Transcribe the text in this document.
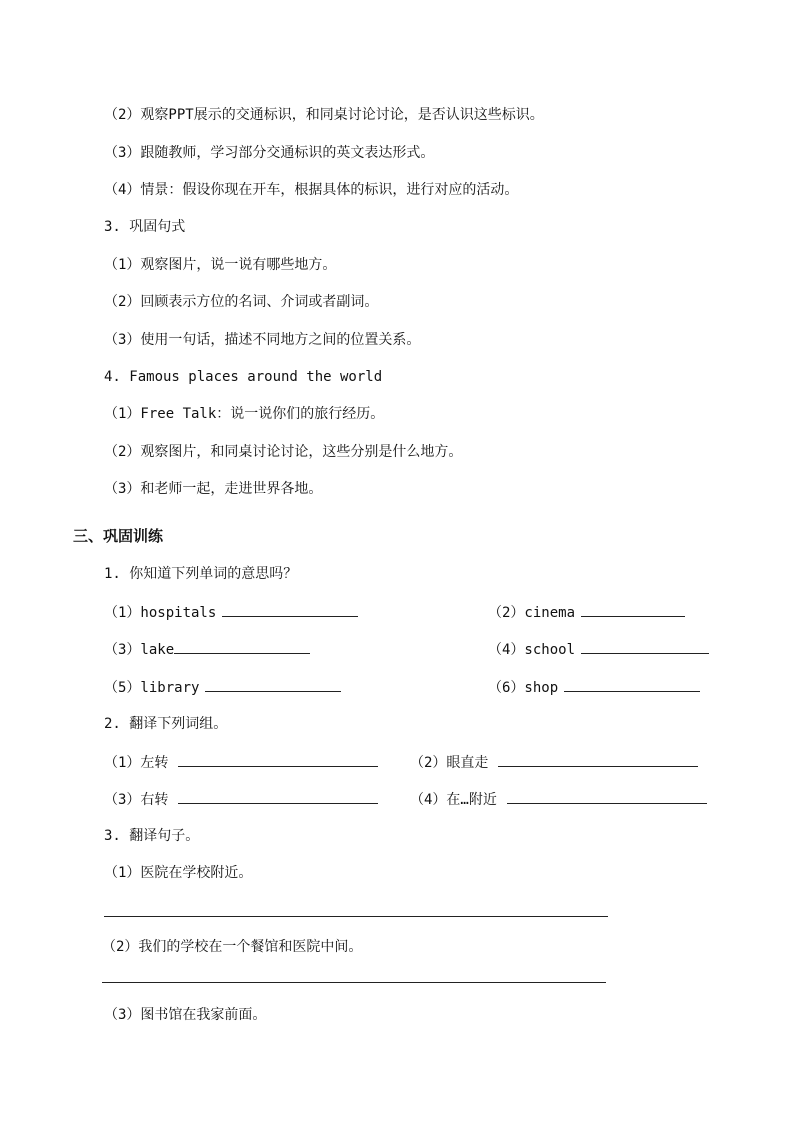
（2）观察PPT展示的交通标识，和同桌讨论讨论，是否认识这些标识。
（3）跟随教师，学习部分交通标识的英文表达形式。
（4）情景：假设你现在开车，根据具体的标识，进行对应的活动。
3. 巩固句式
（1）观察图片，说一说有哪些地方。
（2）回顾表示方位的名词、介词或者副词。
（3）使用一句话，描述不同地方之间的位置关系。
4. Famous places around the world
（1）Free Talk：说一说你们的旅行经历。
（2）观察图片，和同桌讨论讨论，这些分别是什么地方。
（3）和老师一起，走进世界各地。
三、巩固训练
1. 你知道下列单词的意思吗？
（1）hospitals	（2）cinema
（3）lake	（4）school
（5）library	（6）shop
2. 翻译下列词组。
（1）左转	（2）眼直走
（3）右转	（4）在…附近
3. 翻译句子。
（1）医院在学校附近。
（2）我们的学校在一个餐馆和医院中间。
（3）图书馆在我家前面。
